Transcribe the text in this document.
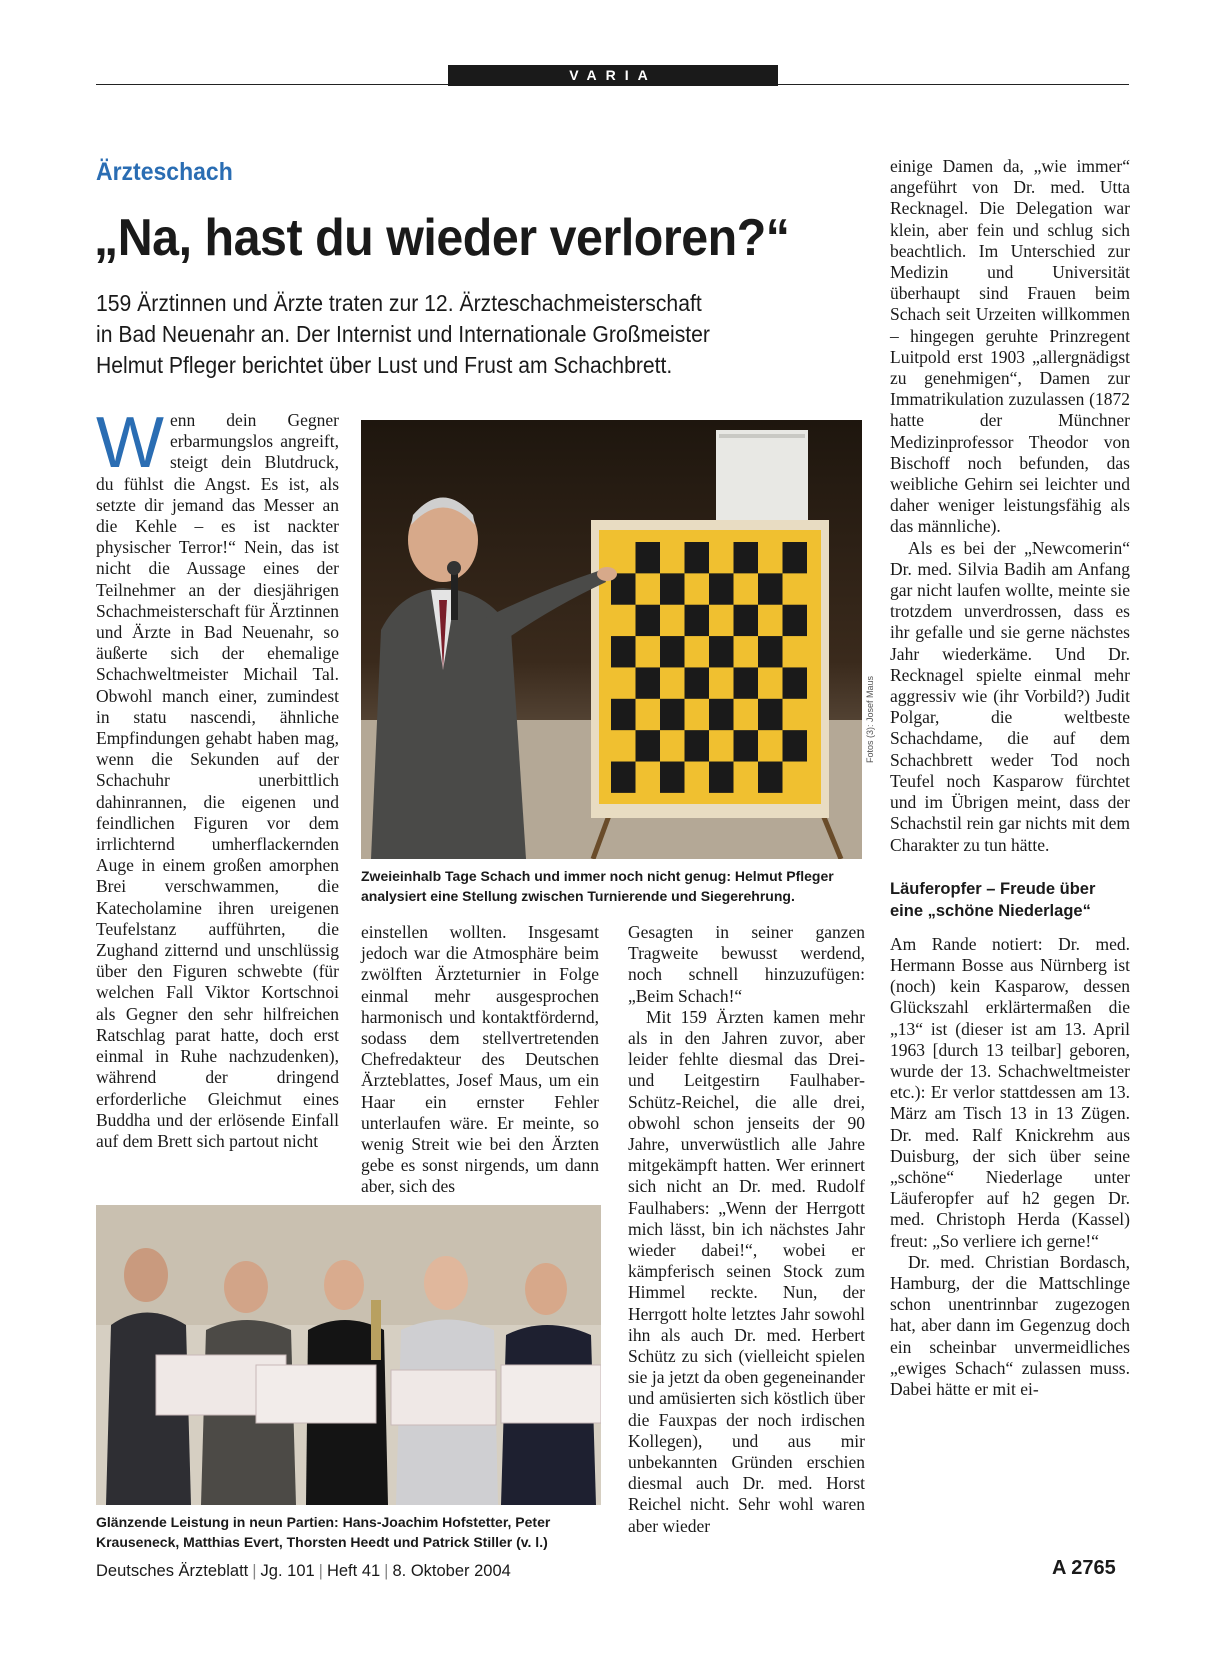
VARIA
Ärzteschach
„Na, hast du wieder verloren?“
159 Ärztinnen und Ärzte traten zur 12. Ärzteschachmeisterschaft in Bad Neuenahr an. Der Internist und Internationale Großmeister Helmut Pfleger berichtet über Lust und Frust am Schachbrett.
W enn dein Gegner erbarmungslos angreift, steigt dein Blutdruck, du fühlst die Angst. Es ist, als setzte dir jemand das Messer an die Kehle – es ist nackter physischer Terror!“ Nein, das ist nicht die Aussage eines der Teilnehmer an der diesjährigen Schachmeisterschaft für Ärztinnen und Ärzte in Bad Neuenahr, so äußerte sich der ehemalige Schachweltmeister Michail Tal. Obwohl manch einer, zumindest in statu nascendi, ähnliche Empfindungen gehabt haben mag, wenn die Sekunden auf der Schachuhr unerbittlich dahinrannen, die eigenen und feindlichen Figuren vor dem irrlichternd umherflackernden Auge in einem großen amorphen Brei verschwammen, die Katecholamine ihren ureigenen Teufelstanz aufführten, die Zughand zitternd und unschlüssig über den Figuren schwebte (für welchen Fall Viktor Kortschnoi als Gegner den sehr hilfreichen Ratschlag parat hatte, doch erst einmal in Ruhe nachzudenken), während der dringend erforderliche Gleichmut eines Buddha und der erlösende Einfall auf dem Brett sich partout nicht

Fotos (3): Josef Maus
Zweieinhalb Tage Schach und immer noch nicht genug: Helmut Pfleger analysiert eine Stellung zwischen Turnierende und Siegerehrung.

einstellen wollten. Insgesamt jedoch war die Atmosphäre beim zwölften Ärzteturnier in Folge einmal mehr ausgesprochen harmonisch und kontaktfördernd, sodass dem stellvertretenden Chefredakteur des Deutschen Ärzteblattes, Josef Maus, um ein Haar ein ernster Fehler unterlaufen wäre. Er meinte, so wenig Streit wie bei den Ärzten gebe es sonst nirgends, um dann aber, sich des

Gesagten in seiner ganzen Tragweite bewusst werdend, noch schnell hinzuzufügen: „Beim Schach!“

Mit 159 Ärzten kamen mehr als in den Jahren zuvor, aber leider fehlte diesmal das Drei- und Leitgestirn Faulhaber-Schütz-Reichel, die alle drei, obwohl schon jenseits der 90 Jahre, unverwüstlich alle Jahre mitgekämpft hatten. Wer erinnert sich nicht an Dr. med. Rudolf Faulhabers: „Wenn der Herrgott mich lässt, bin ich nächstes Jahr wieder dabei!“, wobei er kämpferisch seinen Stock zum Himmel reckte. Nun, der Herrgott holte letztes Jahr sowohl ihn als auch Dr. med. Herbert Schütz zu sich (vielleicht spielen sie ja jetzt da oben gegeneinander und amüsierten sich köstlich über die Fauxpas der noch irdischen Kollegen), und aus mir unbekannten Gründen erschien diesmal auch Dr. med. Horst Reichel nicht. Sehr wohl waren aber wieder

Glänzende Leistung in neun Partien: Hans-Joachim Hofstetter, Peter Krauseneck, Matthias Evert, Thorsten Heedt und Patrick Stiller (v. l.)

einige Damen da, „wie immer“ angeführt von Dr. med. Utta Recknagel. Die Delegation war klein, aber fein und schlug sich beachtlich. Im Unterschied zur Medizin und Universität überhaupt sind Frauen beim Schach seit Urzeiten willkommen – hingegen geruhte Prinzregent Luitpold erst 1903 „allergnädigst zu genehmigen“, Damen zur Immatrikulation zuzulassen (1872 hatte der Münchner Medizinprofessor Theodor von Bischoff noch befunden, das weibliche Gehirn sei leichter und daher weniger leistungsfähig als das männliche).

Als es bei der „Newcomerin“ Dr. med. Silvia Badih am Anfang gar nicht laufen wollte, meinte sie trotzdem unverdrossen, dass es ihr gefalle und sie gerne nächstes Jahr wiederkäme. Und Dr. Recknagel spielte einmal mehr aggressiv wie (ihr Vorbild?) Judit Polgar, die weltbeste Schachdame, die auf dem Schachbrett weder Tod noch Teufel noch Kasparow fürchtet und im Übrigen meint, dass der Schachstil rein gar nichts mit dem Charakter zu tun hätte.

Läuferopfer – Freude über eine „schöne Niederlage“

Am Rande notiert: Dr. med. Hermann Bosse aus Nürnberg ist (noch) kein Kasparow, dessen Glückszahl erklärtermaßen die „13“ ist (dieser ist am 13. April 1963 [durch 13 teilbar] geboren, wurde der 13. Schachweltmeister etc.): Er verlor stattdessen am 13. März am Tisch 13 in 13 Zügen. Dr. med. Ralf Knickrehm aus Duisburg, der sich über seine „schöne“ Niederlage unter Läuferopfer auf h2 gegen Dr. med. Christoph Herda (Kassel) freut: „So verliere ich gerne!“

Dr. med. Christian Bordasch, Hamburg, der die Mattschlinge schon unentrinnbar zugezogen hat, aber dann im Gegenzug doch ein scheinbar unvermeidliches „ewiges Schach“ zulassen muss. Dabei hätte er mit ei-

Deutsches Ärzteblatt | Jg. 101 | Heft 41 | 8. Oktober 2004	A 2765
